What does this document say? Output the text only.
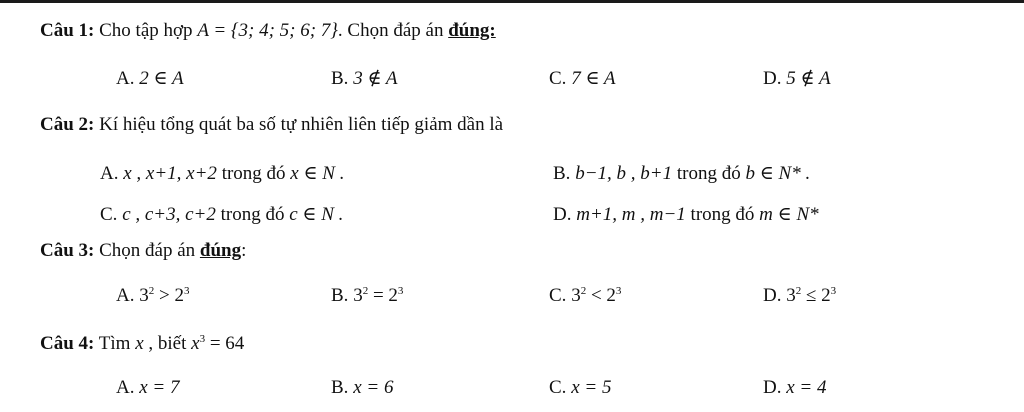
Câu 1: Cho tập hợp A = {3; 4; 5; 6; 7}. Chọn đáp án đúng:
A. 2 ∈ A	B. 3 ∉ A	C. 7 ∈ A	D. 5 ∉ A
Câu 2: Kí hiệu tổng quát ba số tự nhiên liên tiếp giảm dần là
A. x , x+1, x+2 trong đó x ∈ N .	B. b−1, b , b+1 trong đó b ∈ N* .
C. c , c+3, c+2 trong đó c ∈ N .	D. m+1, m , m−1 trong đó m ∈ N*
Câu 3: Chọn đáp án đúng:
A. $3^2 > 2^3$	B. $3^2 = 2^3$	C. $3^2 < 2^3$	D. $3^2 \le 2^3$
Câu 4: Tìm x , biết $x^3 = 64$
A. x = 7	B. x = 6	C. x = 5	D. x = 4
